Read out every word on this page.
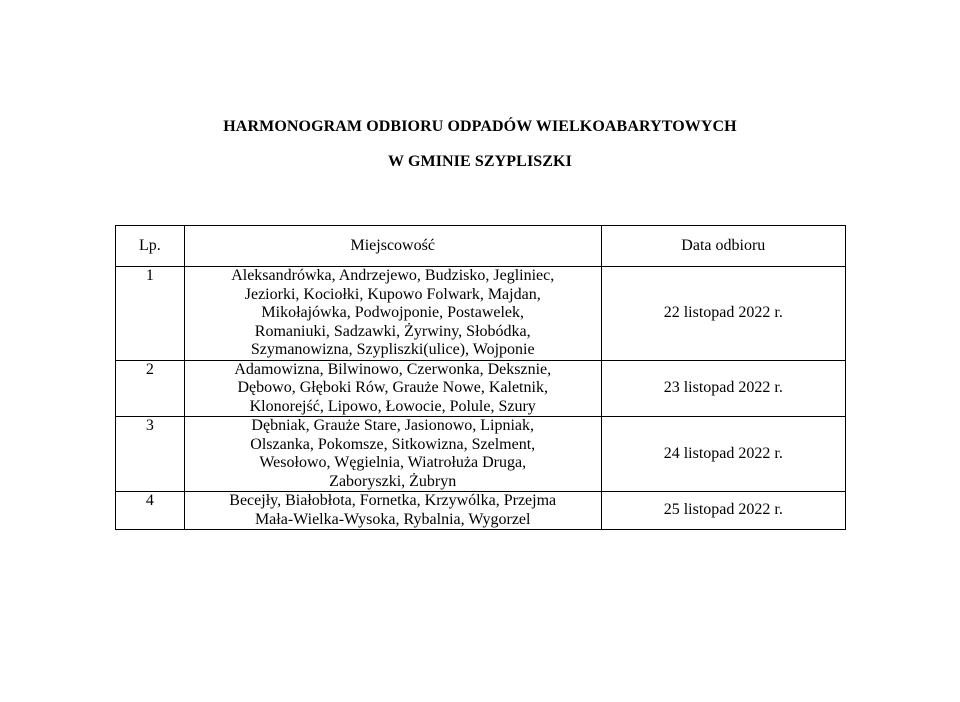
HARMONOGRAM ODBIORU ODPADÓW WIELKOABARYTOWYCH
W GMINIE SZYPLISZKI
Lp.	Miejscowość	Data odbioru
1	Aleksandrówka, Andrzejewo, Budzisko, Jegliniec,
Jeziorki, Kociołki, Kupowo Folwark, Majdan,
Mikołajówka, Podwojponie, Postawelek,
Romaniuki, Sadzawki, Żyrwiny, Słobódka,
Szymanowizna, Szypliszki(ulice), Wojponie	22 listopad 2022 r.
2	Adamowizna, Bilwinowo, Czerwonka, Deksznie,
Dębowo, Głęboki Rów, Grauże Nowe, Kaletnik,
Klonorejść, Lipowo, Łowocie, Polule, Szury	23 listopad 2022 r.
3	Dębniak, Grauże Stare, Jasionowo, Lipniak,
Olszanka, Pokomsze, Sitkowizna, Szelment,
Wesołowo, Węgielnia, Wiatrołuża Druga,
Zaboryszki, Żubryn	24 listopad 2022 r.
4	Becejły, Białobłota, Fornetka, Krzywólka, Przejma
Mała-Wielka-Wysoka, Rybalnia, Wygorzel	25 listopad 2022 r.
